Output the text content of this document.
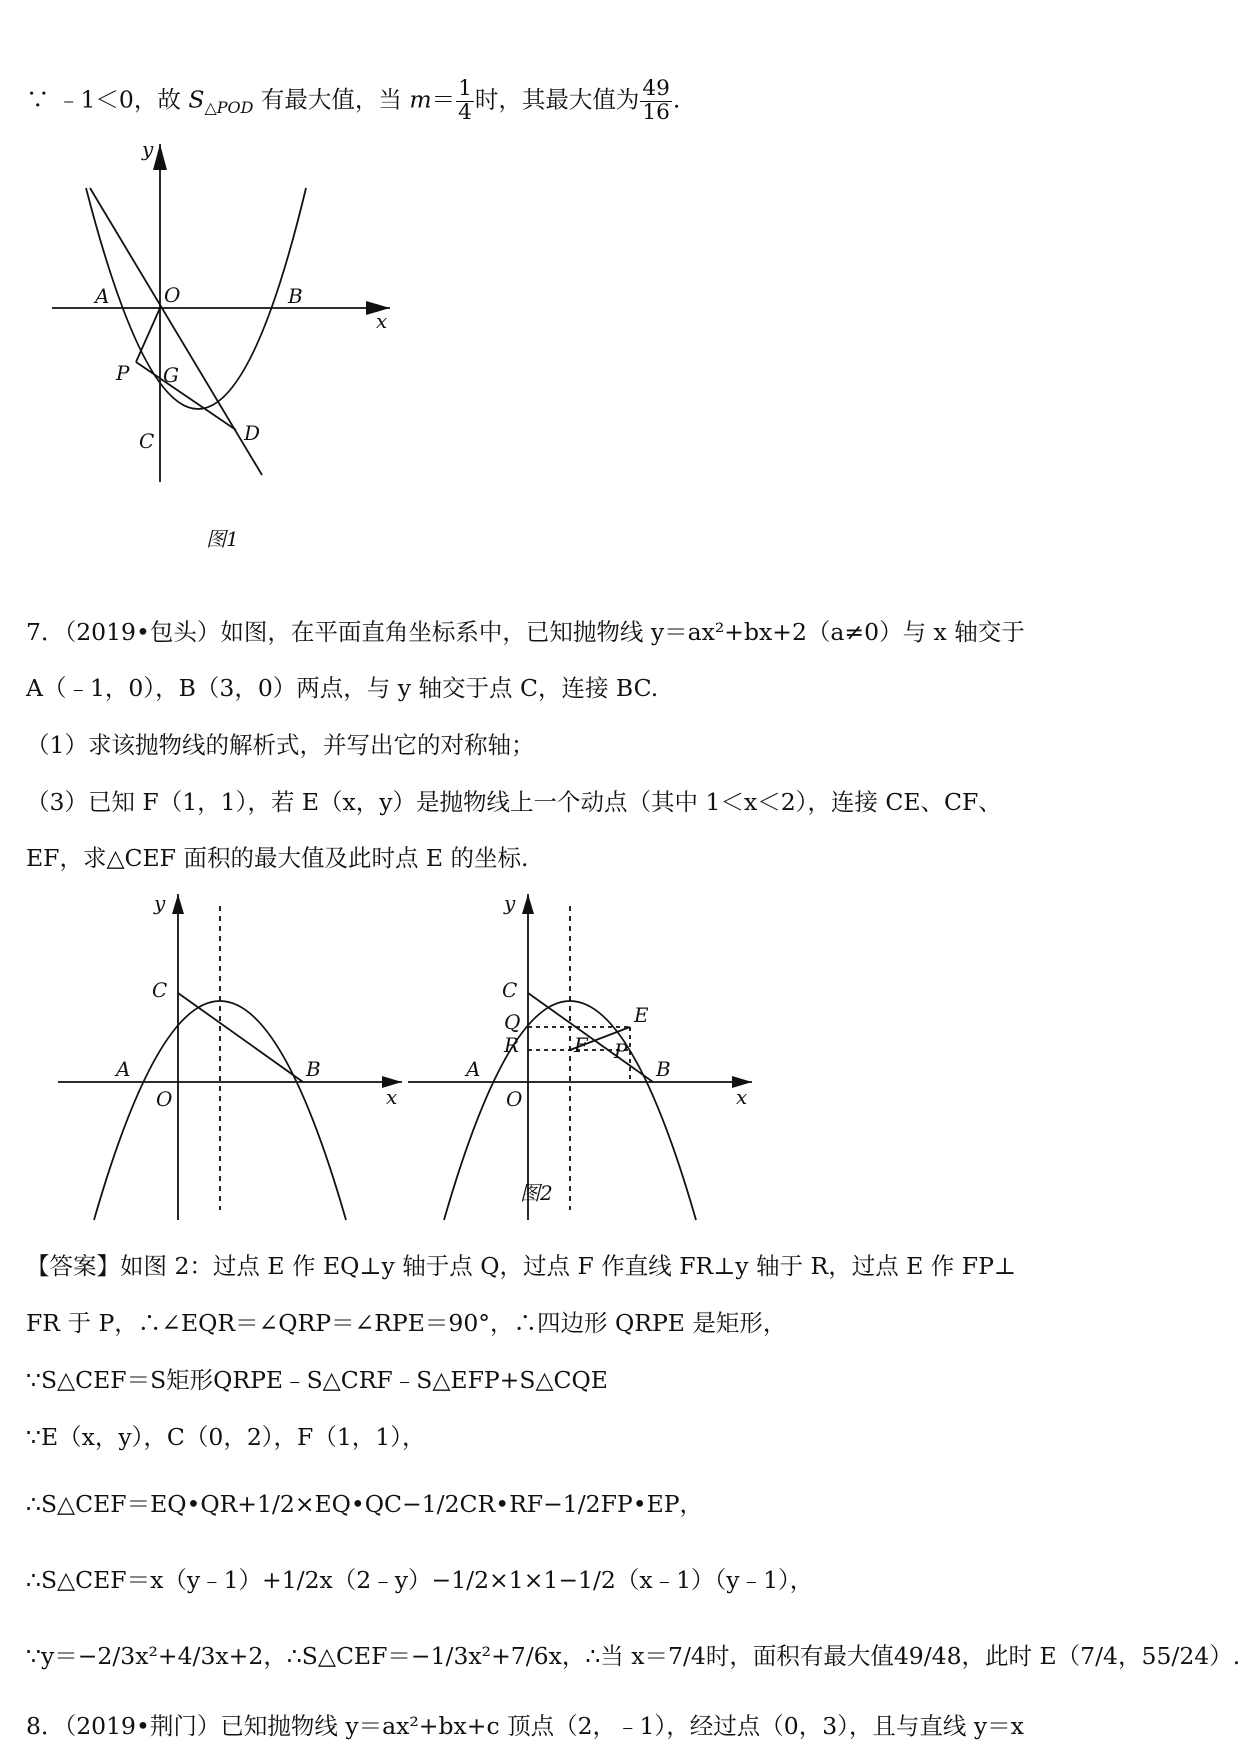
∵ ﹣1＜0，故 $S_{\triangle POD}$ 有最大值，当 $m= \frac{1}{4}$ 时，其最大值为 $\frac{49}{16}$ .
y
x
A	O	B
P G
C	D
图1
7．（2019•包头）如图，在平面直角坐标系中，已知抛物线 y＝ax²+bx+2（a≠0）与 x 轴交于
A（﹣1，0），B（3，0）两点，与 y 轴交于点 C，连接 BC.
（1）求该抛物线的解析式，并写出它的对称轴；
（3）已知 F（1，1），若 E（x，y）是抛物线上一个动点（其中 1＜x＜2），连接 CE、CF、
EF，求△CEF 面积的最大值及此时点 E 的坐标.
y
x
C
A
O
B
y
x
C
Q	E
A
R	F P
B
O
图2
【答案】如图 2：过点 E 作 EQ⊥y 轴于点 Q，过点 F 作直线 FR⊥y 轴于 R，过点 E 作 FP⊥
FR 于 P，∴∠EQR＝∠QRP＝∠RPE＝90°，∴四边形 QRPE 是矩形，
∵S△CEF＝S矩形QRPE﹣S△CRF﹣S△EFP+S△CQE
∵E（x，y），C（0，2），F（1，1），
∴S△CEF＝EQ•QR+1/2×EQ•QC−1/2CR•RF−1/2FP•EP，
∴S△CEF＝x（y﹣1）+1/2x（2﹣y）−1/2×1×1−1/2（x﹣1）（y﹣1），
∵y＝−2/3x²+4/3x+2，∴S△CEF＝−1/3x²+7/6x，∴当 x＝7/4时，面积有最大值49/48，此时 E（7/4，55/24）.
8．（2019•荆门）已知抛物线 y＝ax²+bx+c 顶点（2，﹣1），经过点（0，3），且与直线 y＝x
